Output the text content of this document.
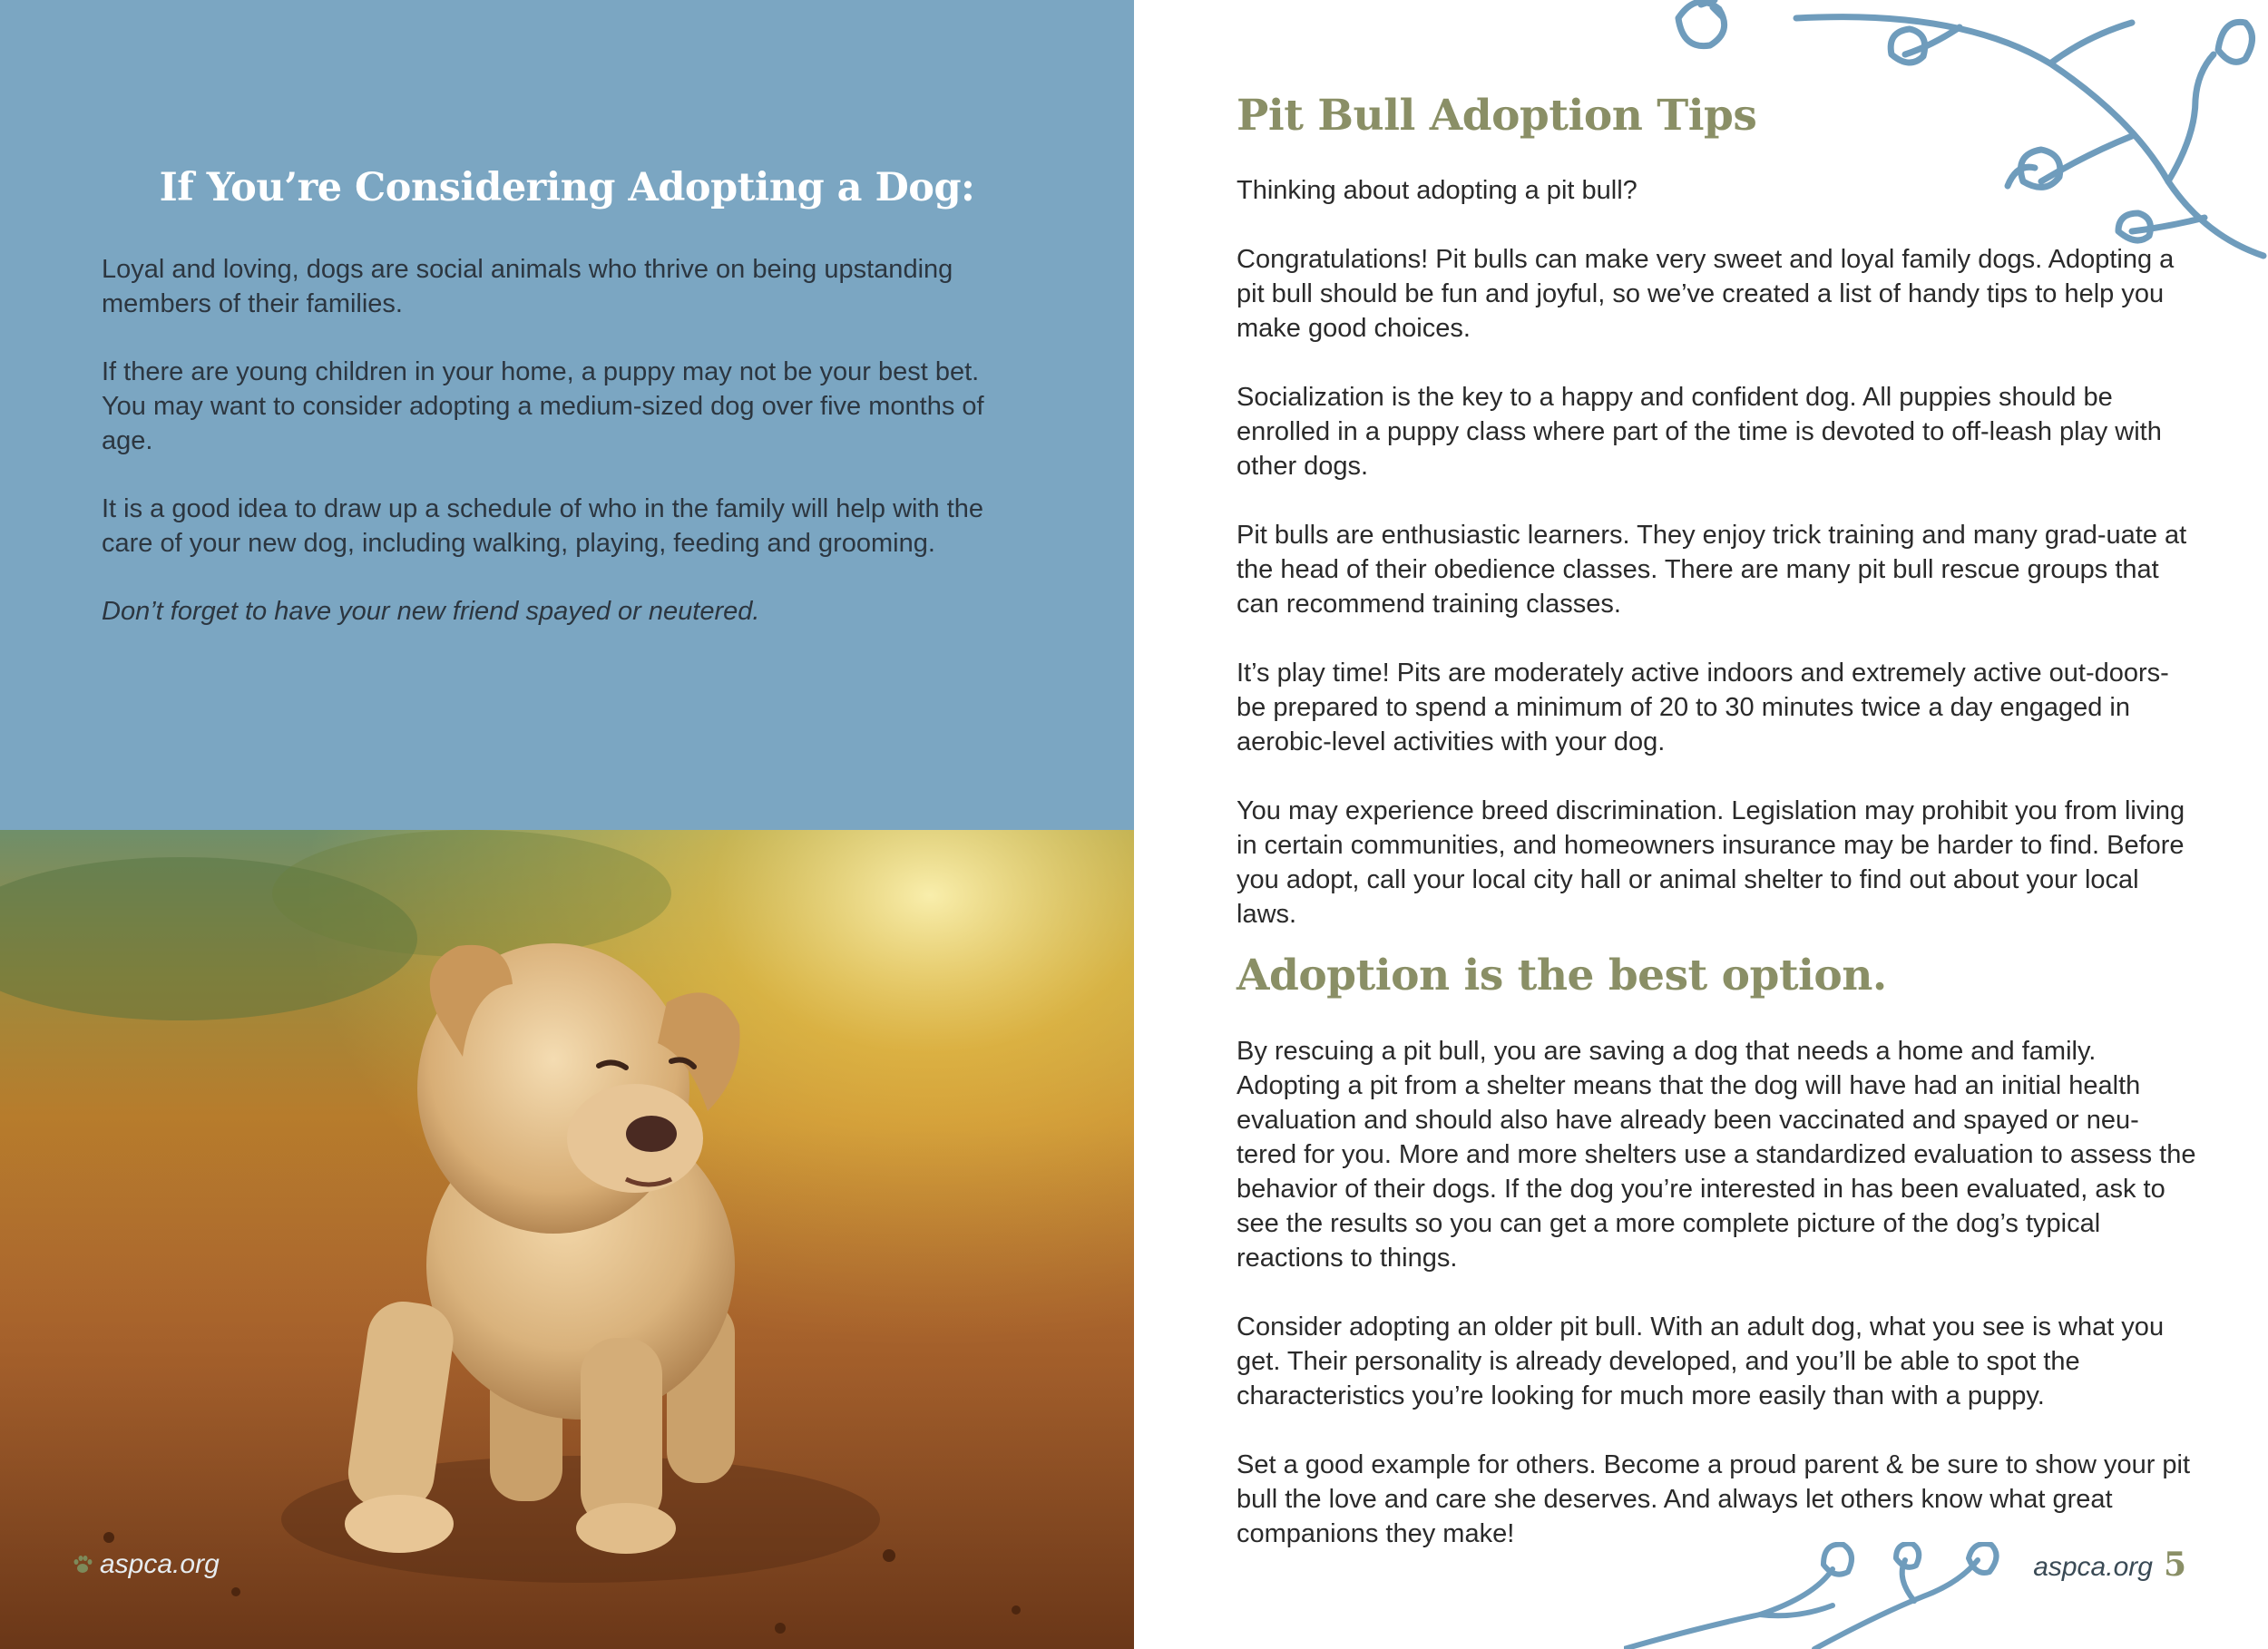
If You’re Considering Adopting a Dog:

Loyal and loving, dogs are social animals who thrive on being upstanding members of their families.

If there are young children in your home, a puppy may not be your best bet. You may want to consider adopting a medium-sized dog over five months of age.

It is a good idea to draw up a schedule of who in the family will help with the care of your new dog, including walking, playing, feeding and grooming.

Don’t forget to have your new friend spayed or neutered.

aspca.org
Pit Bull Adoption Tips

Thinking about adopting a pit bull?

Congratulations! Pit bulls can make very sweet and loyal family dogs. Adopting a pit bull should be fun and joyful, so we’ve created a list of handy tips to help you make good choices.

Socialization is the key to a happy and confident dog. All puppies should be enrolled in a puppy class where part of the time is devoted to off-leash play with other dogs.

Pit bulls are enthusiastic learners. They enjoy trick training and many grad-uate at the head of their obedience classes. There are many pit bull rescue groups that can recommend training classes.

It’s play time! Pits are moderately active indoors and extremely active out-doors-be prepared to spend a minimum of 20 to 30 minutes twice a day engaged in aerobic-level activities with your dog.

You may experience breed discrimination. Legislation may prohibit you from living in certain communities, and homeowners insurance may be harder to find. Before you adopt, call your local city hall or animal shelter to find out about your local laws.

Adoption is the best option.

By rescuing a pit bull, you are saving a dog that needs a home and family. Adopting a pit from a shelter means that the dog will have had an initial health evaluation and should also have already been vaccinated and spayed or neu-tered for you. More and more shelters use a standardized evaluation to assess the behavior of their dogs. If the dog you’re interested in has been evaluated, ask to see the results so you can get a more complete picture of the dog’s typical reactions to things.

Consider adopting an older pit bull. With an adult dog, what you see is what you get. Their personality is already developed, and you’ll be able to spot the characteristics you’re looking for much more easily than with a puppy.

Set a good example for others. Become a proud parent & be sure to show your pit bull the love and care she deserves. And always let others know what great companions they make!

aspca.org 5
